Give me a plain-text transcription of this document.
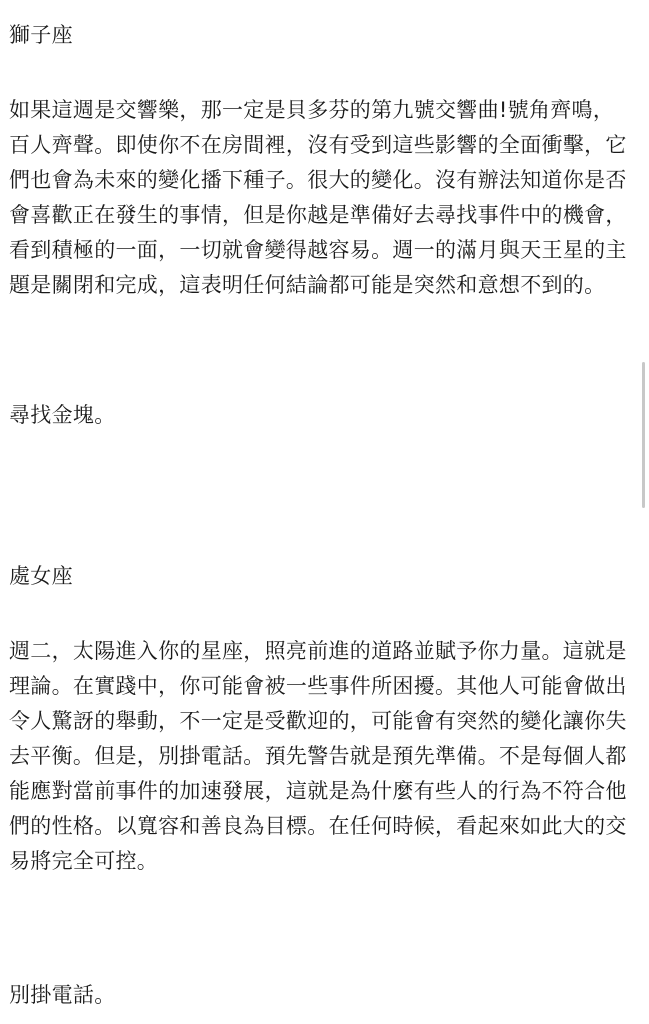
獅子座

如果這週是交響樂，那一定是貝多芬的第九號交響曲!號角齊鳴，百人齊聲。即使你不在房間裡，沒有受到這些影響的全面衝擊，它們也會為未來的變化播下種子。很大的變化。沒有辦法知道你是否會喜歡正在發生的事情，但是你越是準備好去尋找事件中的機會，看到積極的一面，一切就會變得越容易。週一的滿月與天王星的主題是關閉和完成，這表明任何結論都可能是突然和意想不到的。

尋找金塊。

處女座

週二，太陽進入你的星座，照亮前進的道路並賦予你力量。這就是理論。在實踐中，你可能會被一些事件所困擾。其他人可能會做出令人驚訝的舉動，不一定是受歡迎的，可能會有突然的變化讓你失去平衡。但是，別掛電話。預先警告就是預先準備。不是每個人都能應對當前事件的加速發展，這就是為什麼有些人的行為不符合他們的性格。以寬容和善良為目標。在任何時候，看起來如此大的交易將完全可控。

別掛電話。
